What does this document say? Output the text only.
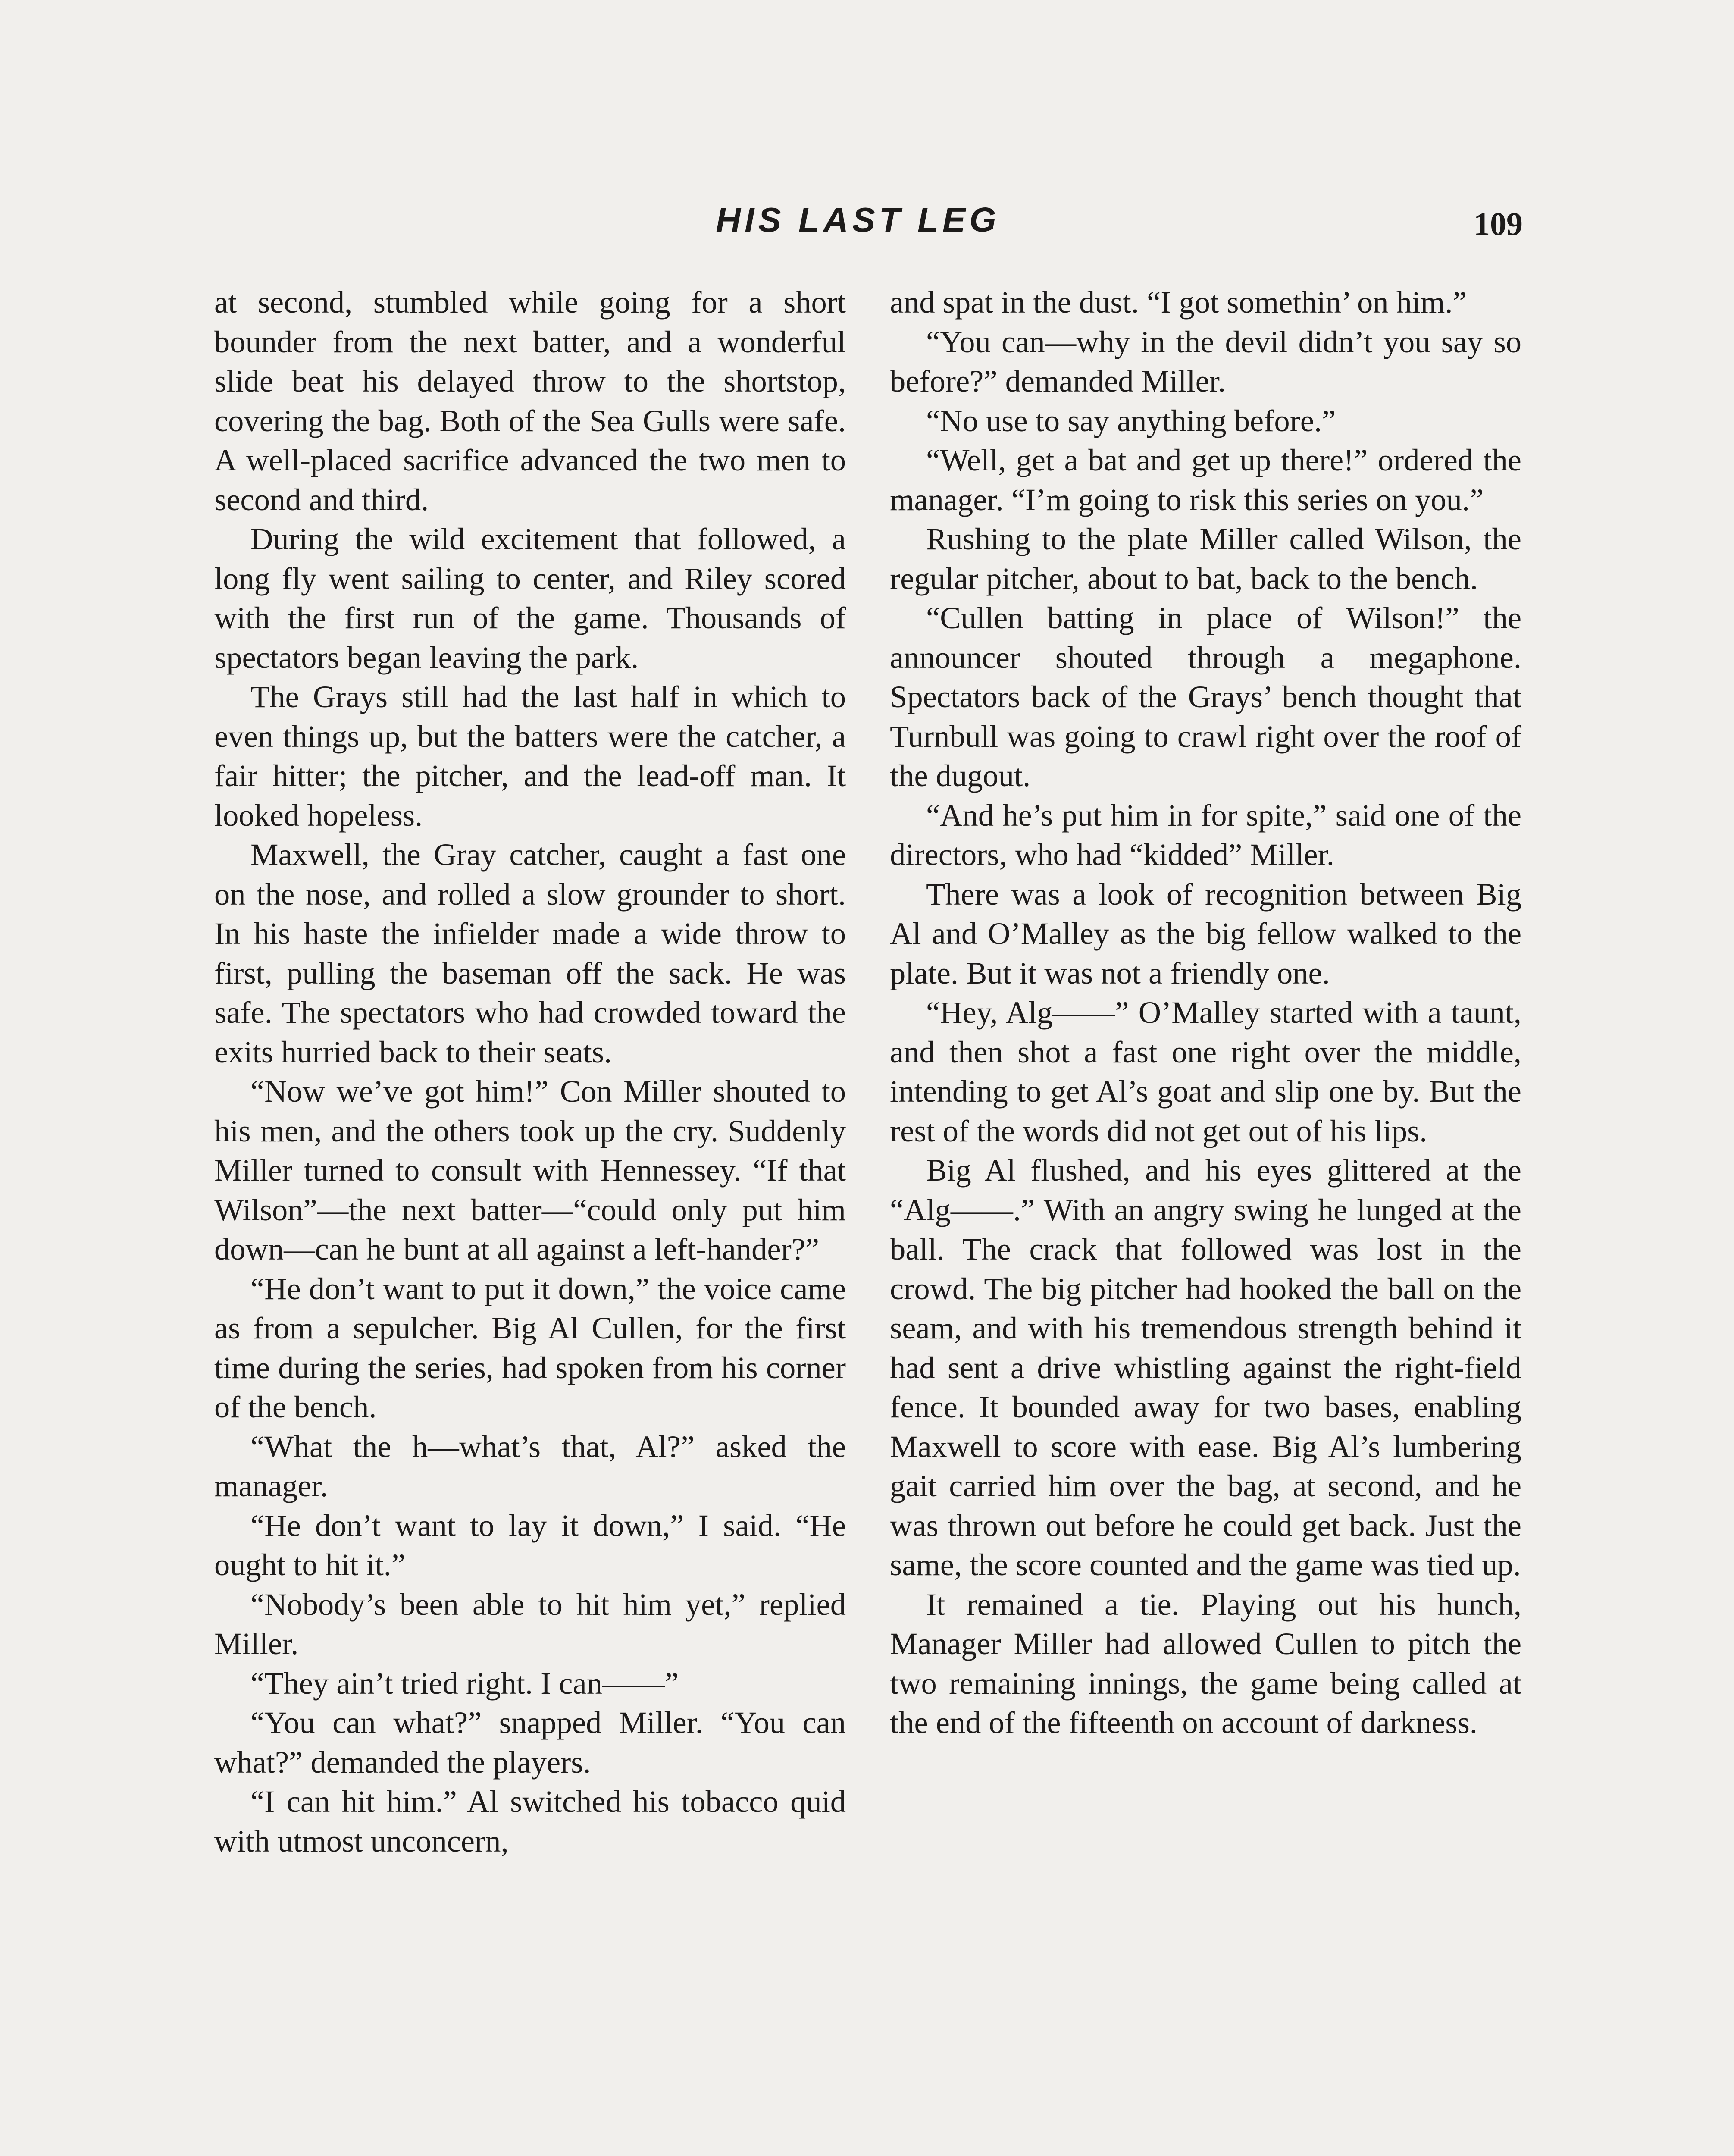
HIS LAST LEG	109

at second, stumbled while going for a short bounder from the next batter, and a wonderful slide beat his delayed throw to the shortstop, covering the bag. Both of the Sea Gulls were safe. A well-placed sacrifice advanced the two men to second and third.

During the wild excitement that followed, a long fly went sailing to center, and Riley scored with the first run of the game. Thousands of spectators began leaving the park.

The Grays still had the last half in which to even things up, but the batters were the catcher, a fair hitter; the pitcher, and the lead-off man. It looked hopeless.

Maxwell, the Gray catcher, caught a fast one on the nose, and rolled a slow grounder to short. In his haste the infielder made a wide throw to first, pulling the baseman off the sack. He was safe. The spectators who had crowded toward the exits hurried back to their seats.

“Now we’ve got him!” Con Miller shouted to his men, and the others took up the cry. Suddenly Miller turned to consult with Hennessey. “If that Wilson”—the next batter—“could only put him down—can he bunt at all against a left-hander?”

“He don’t want to put it down,” the voice came as from a sepulcher. Big Al Cullen, for the first time during the series, had spoken from his corner of the bench.

“What the h—what’s that, Al?” asked the manager.

“He don’t want to lay it down,” I said. “He ought to hit it.”

“Nobody’s been able to hit him yet,” replied Miller.

“They ain’t tried right. I can——”

“You can what?” snapped Miller. “You can what?” demanded the players.

“I can hit him.” Al switched his tobacco quid with utmost unconcern,

and spat in the dust. “I got somethin’ on him.”

“You can—why in the devil didn’t you say so before?” demanded Miller.

“No use to say anything before.”

“Well, get a bat and get up there!” ordered the manager. “I’m going to risk this series on you.”

Rushing to the plate Miller called Wilson, the regular pitcher, about to bat, back to the bench.

“Cullen batting in place of Wilson!” the announcer shouted through a megaphone. Spectators back of the Grays’ bench thought that Turnbull was going to crawl right over the roof of the dugout.

“And he’s put him in for spite,” said one of the directors, who had “kidded” Miller.

There was a look of recognition between Big Al and O’Malley as the big fellow walked to the plate. But it was not a friendly one.

“Hey, Alg——” O’Malley started with a taunt, and then shot a fast one right over the middle, intending to get Al’s goat and slip one by. But the rest of the words did not get out of his lips.

Big Al flushed, and his eyes glittered at the “Alg——.” With an angry swing he lunged at the ball. The crack that followed was lost in the crowd. The big pitcher had hooked the ball on the seam, and with his tremendous strength behind it had sent a drive whistling against the right-field fence. It bounded away for two bases, enabling Maxwell to score with ease. Big Al’s lumbering gait carried him over the bag, at second, and he was thrown out before he could get back. Just the same, the score counted and the game was tied up.

It remained a tie. Playing out his hunch, Manager Miller had allowed Cullen to pitch the two remaining innings, the game being called at the end of the fifteenth on account of darkness.
